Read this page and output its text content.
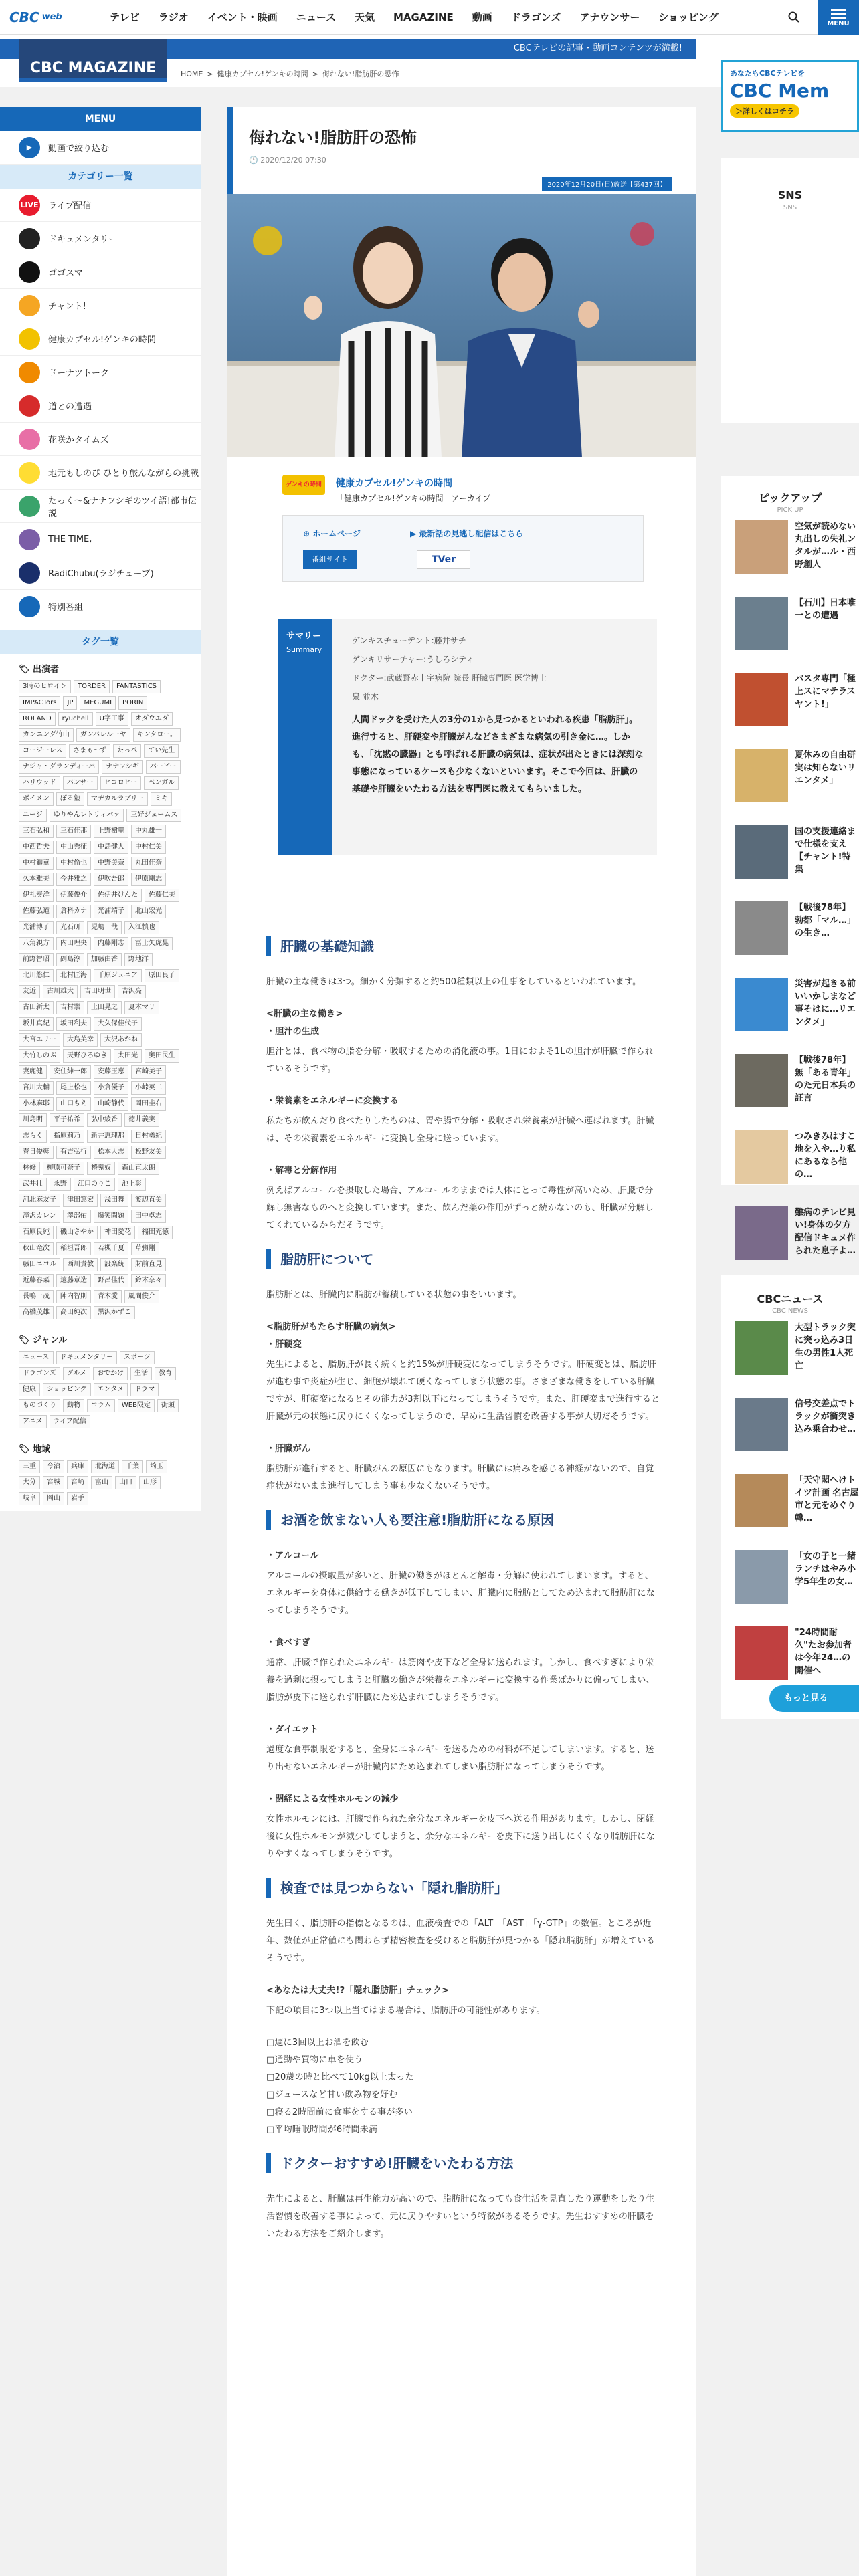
CBC web	テレビ	ラジオ	イベント・映画	ニュース	天気	MAGAZINE	動画	ドラゴンズ	アナウンサー	ショッピング
MENU
CBCテレビの記事・動画コンテンツが満載!
CBC MAGAZINE	HOME > 健康カプセル!ゲンキの時間 > 侮れない!脂肪肝の恐怖	あなたもCBCテレビを
CBC Mem
＞詳しくはコチラ
MENU
▶	動画で絞り込む
カテゴリー一覧
LIVE ライブ配信
ドキュメンタリー
ゴゴスマ
チャント!
健康カプセル!ゲンキの時間
ドーナツトーク
道との遭遇
花咲かタイムズ
地元もしのび ひとり旅んながらの挑戦
たっく～&ナナフシギのツイ語!都市伝説
THE TIME,
RadiChubu(ラジチューブ)
特別番組
タグ一覧
🏷 出演者
3時のヒロイン	TORDER	FANTASTICS
IMPACTors	JP	MEGUMI	PORIN
ROLAND	ryuchell	U字工事	オダウエダ
カンニング竹山	ガンバレルーヤ	キンタロー。
コージーレス	さまぁ～ず	たっぺ	てい先生
ナジャ・グランディーバ	ナナフシギ	パーピー
ハリウッド	バンサー	ヒコロヒー	ベンガル
ボイメン	ぼる塾	マヂカルラブリー	ミキ
ユージ	ゆりやんレトリィバァ	三好ジェームス
三石弘和	三石佳那	上野樹里	中丸雄一
中西哲夫	中山秀征	中島健人	中村仁美
中村獅童	中村倫也	中野美奈	丸田佳奈
久本雅美	今井雅之	伊吹吾郎	伊原剛志
伊礼奏洋	伊藤俊介	佐伊井けんた	佐藤仁美
佐藤弘道	倉科カナ	光浦靖子	北山宏光
光浦博子	光石研	児嶋一哉	入江慎也
八角親方	内田理央	内藤剛志	冨士矢虎晃
前野智昭	副島淳	加藤由香	野地洋
北川悠仁	北村匠海	千原ジュニア	原田良子
友近	古川雄大	吉田明世	吉沢亮
古田新太	吉村崇	土田晃之	夏木マリ
坂井真紀	坂田利夫	大久保佳代子
大宮エリー	大島美幸	大沢あかね
大竹しのぶ	天野ひろゆき	太田光	奥田民生
妻鹿健	安住紳一郎	安藤玉恵	宮崎美子
宮川大輔	尾上松也	小倉優子	小峠英二
小林麻耶	山口もえ	山崎静代	岡田圭右
川島明	平子祐希	弘中綾香	徳井義実
志らく	指原莉乃	新井恵理那	日村勇紀
春日俊彰	有吉弘行	松本人志	板野友美
林修	柳原可奈子	椿鬼奴	森山直太朗
武井壮	永野	江口のりこ	池上彰
河北麻友子	津田篤宏	浅田舞	渡辺直美
滝沢カレン	澤部佑	爆笑問題	田中卓志
石原良純	磯山さやか	神田愛花	福田充徳
秋山竜次	稲垣吾郎	若槻千夏	草彅剛
藤田ニコル	西川貴教	設楽統	財前直見
近藤春菜	遠藤章造	野呂佳代	鈴木奈々
長嶋一茂	陣内智則	青木愛	風間俊介
高橋茂雄	高田純次	黒沢かずこ
🏷 ジャンル
ニュース	ドキュメンタリー	スポーツ
ドラゴンズ	グルメ	おでかけ	生活	教育
健康	ショッピング	エンタメ	ドラマ
ものづくり	動物	コラム	WEB限定	街頭
アニメ	ライブ配信
🏷 地域
三重	今治	兵庫	北海道	千葉	埼玉
大分	宮城	宮崎	富山	山口	山形
岐阜	岡山	岩手
侮れない!脂肪肝の恐怖
🕒 2020/12/20 07:30
2020年12月20日(日)放送【第437回】
ゲンキの時間	健康カプセル!ゲンキの時間
「健康カプセル!ゲンキの時間」アーカイブ
⊕ ホームページ	▶ 最新話の見逃し配信はこちら
番組サイト	TVer
サマリー
Summary
ゲンキスチューデント:藤井サチ
ゲンキリサーチャー:うしろシティ
ドクター:武蔵野赤十字病院 院長 肝臓専門医 医学博士
泉 並木
人間ドックを受けた人の3分の1から見つかるといわれる疾患「脂肪肝」。進行すると、肝硬変や肝臓がんなどさまざまな病気の引き金に…。しかも、「沈黙の臓器」とも呼ばれる肝臓の病気は、症状が出たときには深刻な事態になっているケースも少なくないといいます。そこで今回は、肝臓の基礎や肝臓をいたわる方法を専門医に教えてもらいました。
肝臓の基礎知識
肝臓の主な働きは3つ。細かく分類すると約500種類以上の仕事をしているといわれています。
<肝臓の主な働き>
・胆汁の生成
胆汁とは、食べ物の脂を分解・吸収するための消化液の事。1日におよそ1Lの胆汁が肝臓で作られているそうです。
・栄養素をエネルギーに変換する
私たちが飲んだり食べたりしたものは、胃や腸で分解・吸収され栄養素が肝臓へ運ばれます。肝臓は、その栄養素をエネルギーに変換し全身に送っています。
・解毒と分解作用
例えばアルコールを摂取した場合、アルコールのままでは人体にとって毒性が高いため、肝臓で分解し無害なものへと変換しています。また、飲んだ薬の作用がずっと続かないのも、肝臓が分解してくれているからだそうです。
脂肪肝について
脂肪肝とは、肝臓内に脂肪が蓄積している状態の事をいいます。
<脂肪肝がもたらす肝臓の病気>
・肝硬変
先生によると、脂肪肝が長く続くと約15%が肝硬変になってしまうそうです。肝硬変とは、脂肪肝が進む事で炎症が生じ、細胞が壊れて硬くなってしまう状態の事。さまざまな働きをしている肝臓ですが、肝硬変になるとその能力が3割以下になってしまうそうです。また、肝硬変まで進行すると肝臓が元の状態に戻りにくくなってしまうので、早めに生活習慣を改善する事が大切だそうです。
・肝臓がん
脂肪肝が進行すると、肝臓がんの原因にもなります。肝臓には痛みを感じる神経がないので、自覚症状がないまま進行してしまう事も少なくないそうです。
お酒を飲まない人も要注意!脂肪肝になる原因
・アルコール
アルコールの摂取量が多いと、肝臓の働きがほとんど解毒・分解に使われてしまいます。すると、エネルギーを身体に供給する働きが低下してしまい、肝臓内に脂肪としてため込まれて脂肪肝になってしまうそうです。
・食べすぎ
通常、肝臓で作られたエネルギーは筋肉や皮下など全身に送られます。しかし、食べすぎにより栄養を過剰に摂ってしまうと肝臓の働きが栄養をエネルギーに変換する作業ばかりに偏ってしまい、脂肪が皮下に送られず肝臓にため込まれてしまうそうです。
・ダイエット
過度な食事制限をすると、全身にエネルギーを送るための材料が不足してしまいます。すると、送り出せないエネルギーが肝臓内にため込まれてしまい脂肪肝になってしまうそうです。
・閉経による女性ホルモンの減少
女性ホルモンには、肝臓で作られた余分なエネルギーを皮下へ送る作用があります。しかし、閉経後に女性ホルモンが減少してしまうと、余分なエネルギーを皮下に送り出しにくくなり脂肪肝になりやすくなってしまうそうです。
検査では見つからない「隠れ脂肪肝」
先生曰く、脂肪肝の指標となるのは、血液検査での「ALT」「AST」「γ-GTP」の数値。ところが近年、数値が正常値にも関わらず精密検査を受けると脂肪肝が見つかる「隠れ脂肪肝」が増えているそうです。
<あなたは大丈夫!?「隠れ脂肪肝」チェック>
下記の項目に3つ以上当てはまる場合は、脂肪肝の可能性があります。
□週に3回以上お酒を飲む
□通勤や買物に車を使う
□20歳の時と比べて10kg以上太った
□ジュースなど甘い飲み物を好む
□寝る2時間前に食事をする事が多い
□平均睡眠時間が6時間未満
ドクターおすすめ!肝臓をいたわる方法
先生によると、肝臓は再生能力が高いので、脂肪肝になっても食生活を見直したり運動をしたり生活習慣を改善する事によって、元に戻りやすいという特徴があるそうです。先生おすすめの肝臓をいたわる方法をご紹介します。
SNS
SNS
ピックアップ
PICK UP
空気が読めない丸出しの失礼ンタルが…ル・西野創人
【石川】日本唯一との遭遇
パスタ専門「極上スにマテラスヤント!」
夏休みの自由研実は知らないリエンタメ」
国の支援連絡まで仕様を支え【チャント!特集
【戦後78年】勃都「マル…」の生き…
災害が起きる前いいかしまなど事そはに…リエンタメ」
【戦後78年】無「ある青年」のた元日本兵の証言
つみきみはすこ地を入や…り私にあるなら他の…
難病のテレビ見い!身体の夕方配信ドキュメ作られた息子よ…
CBCニュース
CBC NEWS
大型トラック突に突っ込み3日生の男性1人死亡
信号交差点でトラックが衝突き込み乗合わせ…
「天守閣へけトイツ計画 名古屋市と元をめぐり 韓…
「女の子と一緒ランチはやみ小学5年生の女…
"24時間耐久"たお参加者は今年24…の開催へ
もっと見る
